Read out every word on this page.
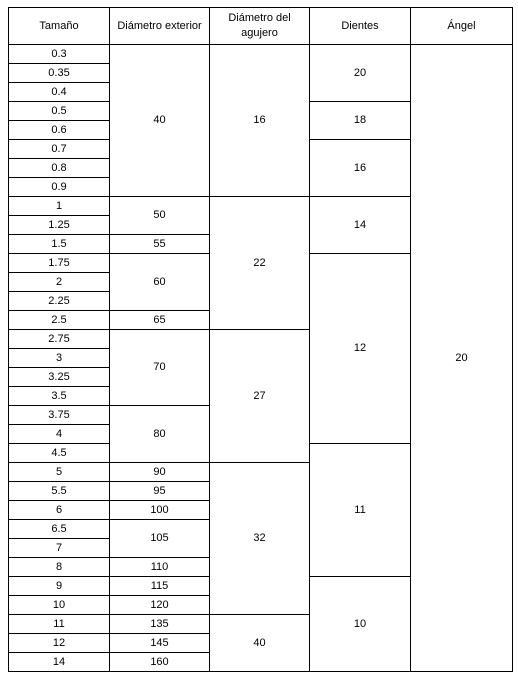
Tamaño	Diámetro exterior
Diámetro del agujero
Dientes	Ángel
0.3
0.35
0.4
0.5
0.6
0.7
0.8
0.9
1
1.25
1.5
1.75
2
2.25
2.5
2.75
3
3.25
3.5
3.75
4
4.5
5
5.5
6
6.5
7
8
9
10
11
12
14
40
50
55
60
65
70
80
90
95
100
105
110
115
120
135
145
160
16
22
27
32
40
20
18
16
14
12
11
10
20
